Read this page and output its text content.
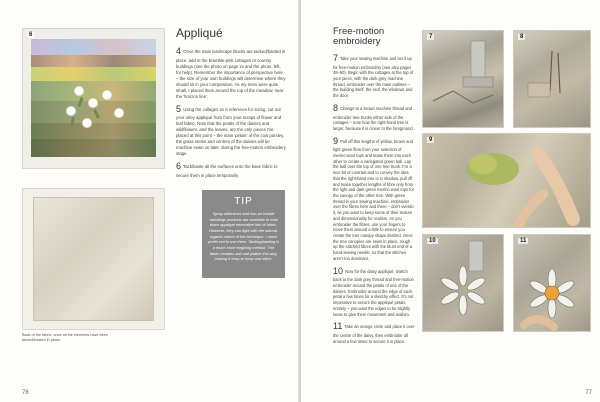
6
Back of the fabric: once all the elements have been tacked/basted in place.
Appliqué

4 Once the main landscape blocks are tacked/basted in place, add in the bramble-pink cottages or country buildings (see the photo on page xx and the photo, left, for help). Remember the importance of perspective here – the size of your own buildings will determine where they should sit in your composition. As my trees were quite small, I placed them around the top of the meadow, near the 'horizon line'.

5 Using the collages as a reference for sizing, cut out your orley appliqué from from your scraps of flower and leaf fabric. Note that the petals of the daisies and wildflowers, and the leaves, are the only pieces I've placed at this point – the main 'petals' of the cow parsley, the grass stems and centres of the daisies will be machine sewn on later, during the free-motion embroidery stage.

6 Tack/baste all the surfaces onto the base fabric to secure them in place temporarily.

TIP
Spray adhesives and iron-on fusible webbings products are available to hold down appliqué decorative bits of fabric. However, they can fight with the natural, organic nature of the technique. I much prefer not to use them. Tacking/basting is a much more forgiving method. The fabric remains soft and pliable this way, making it easy to hoop and stitch.
76
Free-motion
embroidery

7 Take your sewing machine and set it up for free-motion embroidery (see also pages 48–50). Begin with the cottages at the top of your piece, with the dark grey machine thread, embroider over the main outlines – the building itself, the roof, the windows and the door.

8 Change to a brown machine thread and embroider tree trunks either side of the cottages – note how the right-hand tree is larger, because it is closer to the foreground.

9 Pull off thin lengths of yellow, brown and light green fibre from your selection of merino wool tops and tease them into each other to create a variegated green ball. Lay the ball over the top of one tree trunk. For a nice bit of contrast and to convey the idea that the right-hand tree is in shadow, pull off and tease together lengths of fibre only from the light and dark green merino wool tops for the canopy of the other tree. With green thread in your sewing machine, embroider over the fibres here and there – don't overdo it, as you want to keep some of their texture and dimensionality for realism. As you embroider the fibres, use your fingers to move them around a little to ensure you create the tree canopy shape desired. Once the tree canopies are sewn in place, rough up the stitched fibres with the blunt end of a hand-sewing needle, so that the stitches aren't too dominant.

10 Now for the daisy appliqué. Switch back to the dark grey thread and free-motion embroider around the petals of one of the daisies. Embroider around the edge of each petal a few times for a sketchy effect. It's not imperative to secure the appliqué petals entirely – you want the edges to be slightly loose to give them movement and realism.

11 Take an orange circle and place it over the centre of the daisy, then embroider all around a few times to secure it in place.

7	8
9
10	11
77
